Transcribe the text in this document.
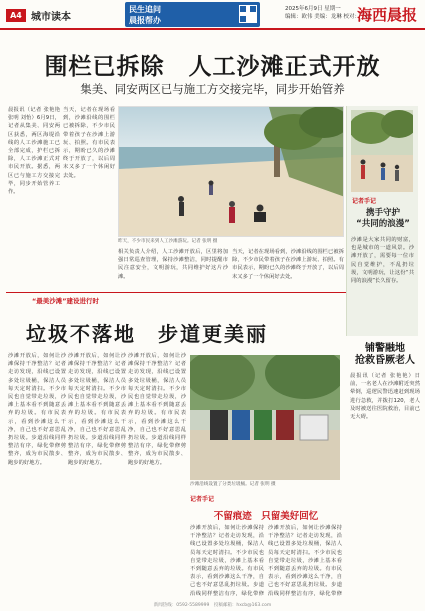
A4 城市读本
民生追问
晨报帮办
2025年6月9日 星期一
编辑：欧伟 美编：龙琳 校对：王怡
海西晨报
围栏已拆除　人工沙滩正式开放
集美、同安两区已与施工方交接完毕，同步开始管养
晨报讯（记者 张艳艳 张明 刘怡）6月9日，记者从集美、同安两区获悉，两区海堤沿线的人工沙滩施工已全部完成，护栏已拆除，人工沙滩正式对市民开放。据悉，两区已与施工方交接完毕，同步开始管养工作。
当天，记者在现场看到，沙滩沿线的围栏已被拆除，不少市民带着孩子在沙滩上游玩、拍照。有市民表示，期盼已久的沙滩终于开放了，以后周末又多了一个休闲好去处。
相关负责人介绍，人工沙滩开放后，区里将加强日常巡查管理，保持沙滩整洁，同时提醒市民注意安全，文明游玩，共同维护好这片沙滩。
昨天，不少市民来到人工沙滩游玩。记者 张明 摄
记者手记
携手守护
“共同的浪漫”
沙滩是大家共同的财富，也是城市的一道风景。沙滩开放了，需要每一位市民自觉维护，不乱扔垃圾，文明游玩，让这份“共同的浪漫”长久留存。
当天，记者在现场看到，沙滩沿线的围栏已被拆除，不少市民带着孩子在沙滩上游玩、拍照。有市民表示，期盼已久的沙滩终于开放了，以后周末又多了一个休闲好去处。
“最美沙滩”建设进行时
垃圾不落地　步道更美丽
沙滩开放后，如何让沙滩保持干净整洁？记者走访发现，沿线已设置多处垃圾桶，保洁人员每天定时清扫。不少市民也自觉带走垃圾，沙滩上基本看不到随意丢弃的垃圾。有市民表示，看到沙滩这么干净，自己也不好意思乱扔垃圾。步道沿线同样整洁有序，绿化带修剪整齐，成为市民散步、跑步的好地方。
沙滩开放后，如何让沙滩保持干净整洁？记者走访发现，沿线已设置多处垃圾桶，保洁人员每天定时清扫。不少市民也自觉带走垃圾，沙滩上基本看不到随意丢弃的垃圾。有市民表示，看到沙滩这么干净，自己也不好意思乱扔垃圾。步道沿线同样整洁有序，绿化带修剪整齐，成为市民散步、跑步的好地方。
沙滩开放后，如何让沙滩保持干净整洁？记者走访发现，沿线已设置多处垃圾桶，保洁人员每天定时清扫。不少市民也自觉带走垃圾，沙滩上基本看不到随意丢弃的垃圾。有市民表示，看到沙滩这么干净，自己也不好意思乱扔垃圾。步道沿线同样整洁有序，绿化带修剪整齐，成为市民散步、跑步的好地方。
沙滩沿线设置了分类垃圾桶。记者 张明 摄
记者手记
不留痕迹　只留美好回忆
沙滩开放后，如何让沙滩保持干净整洁？记者走访发现，沿线已设置多处垃圾桶，保洁人员每天定时清扫。不少市民也自觉带走垃圾，沙滩上基本看不到随意丢弃的垃圾。有市民表示，看到沙滩这么干净，自己也不好意思乱扔垃圾。步道沿线同样整洁有序，绿化带修
沙滩开放后，如何让沙滩保持干净整洁？记者走访发现，沿线已设置多处垃圾桶，保洁人员每天定时清扫。不少市民也自觉带走垃圾，沙滩上基本看不到随意丢弃的垃圾。有市民表示，看到沙滩这么干净，自己也不好意思乱扔垃圾。步道沿线同样整洁有序，绿化带修
铺警融地
抢救昏厥老人
晨报讯（记者 张艳艳）日前，一名老人在沙滩附近突然晕倒，巡逻民警迅速赶到现场进行急救，并拨打120，老人及时被送往医院救治，目前已无大碍。
新闻热线：0592-5589999　投稿邮箱：hxcb@163.com
